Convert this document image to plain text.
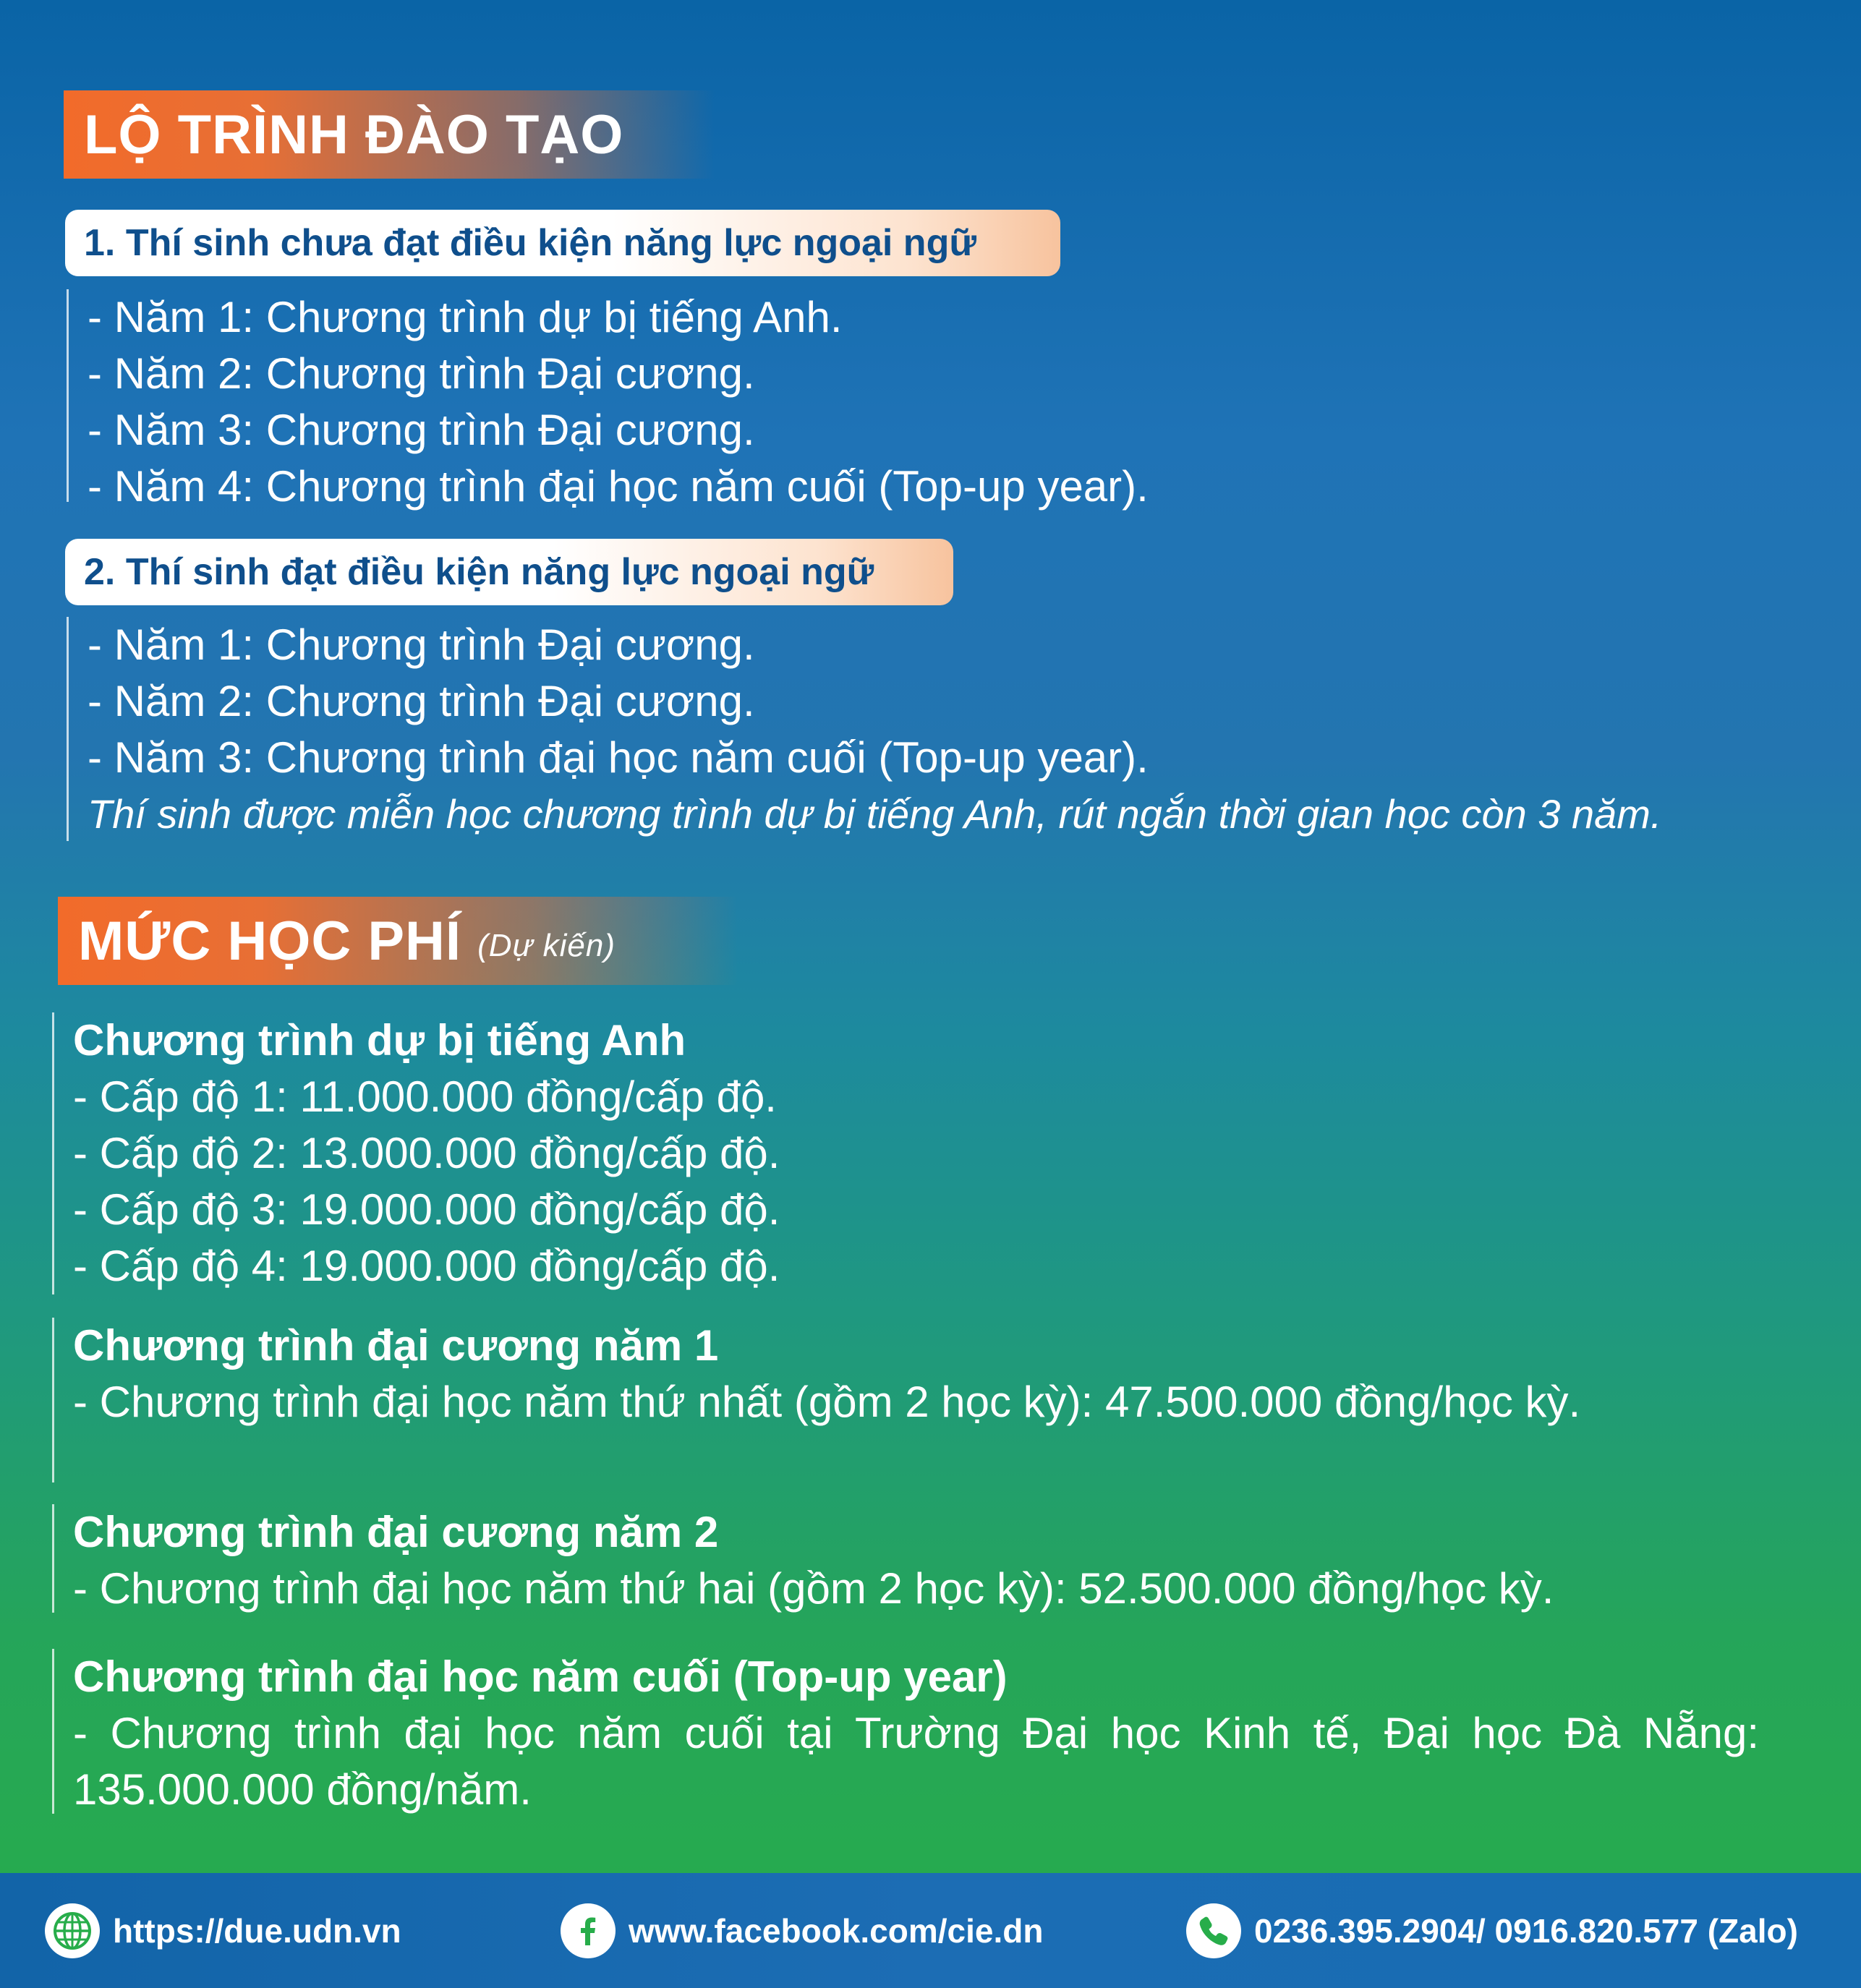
LỘ TRÌNH ĐÀO TẠO
1. Thí sinh chưa đạt điều kiện năng lực ngoại ngữ
- Năm 1: Chương trình dự bị tiếng Anh.
- Năm 2: Chương trình Đại cương.
- Năm 3: Chương trình Đại cương.
- Năm 4: Chương trình đại học năm cuối (Top-up year).
2. Thí sinh đạt điều kiện năng lực ngoại ngữ
- Năm 1: Chương trình Đại cương.
- Năm 2: Chương trình Đại cương.
- Năm 3: Chương trình đại học năm cuối (Top-up year).
Thí sinh được miễn học chương trình dự bị tiếng Anh, rút ngắn thời gian học còn 3 năm.
MỨC HỌC PHÍ (Dự kiến)
Chương trình dự bị tiếng Anh
- Cấp độ 1: 11.000.000 đồng/cấp độ.
- Cấp độ 2: 13.000.000 đồng/cấp độ.
- Cấp độ 3: 19.000.000 đồng/cấp độ.
- Cấp độ 4: 19.000.000 đồng/cấp độ.
Chương trình đại cương năm 1
- Chương trình đại học năm thứ nhất (gồm 2 học kỳ): 47.500.000 đồng/học kỳ.
Chương trình đại cương năm 2
- Chương trình đại học năm thứ hai (gồm 2 học kỳ): 52.500.000 đồng/học kỳ.
Chương trình đại học năm cuối (Top-up year)
- Chương trình đại học năm cuối tại Trường Đại học Kinh tế, Đại học Đà Nẵng: 135.000.000 đồng/năm.
https://due.udn.vn	www.facebook.com/cie.dn	0236.395.2904/ 0916.820.577 (Zalo)
